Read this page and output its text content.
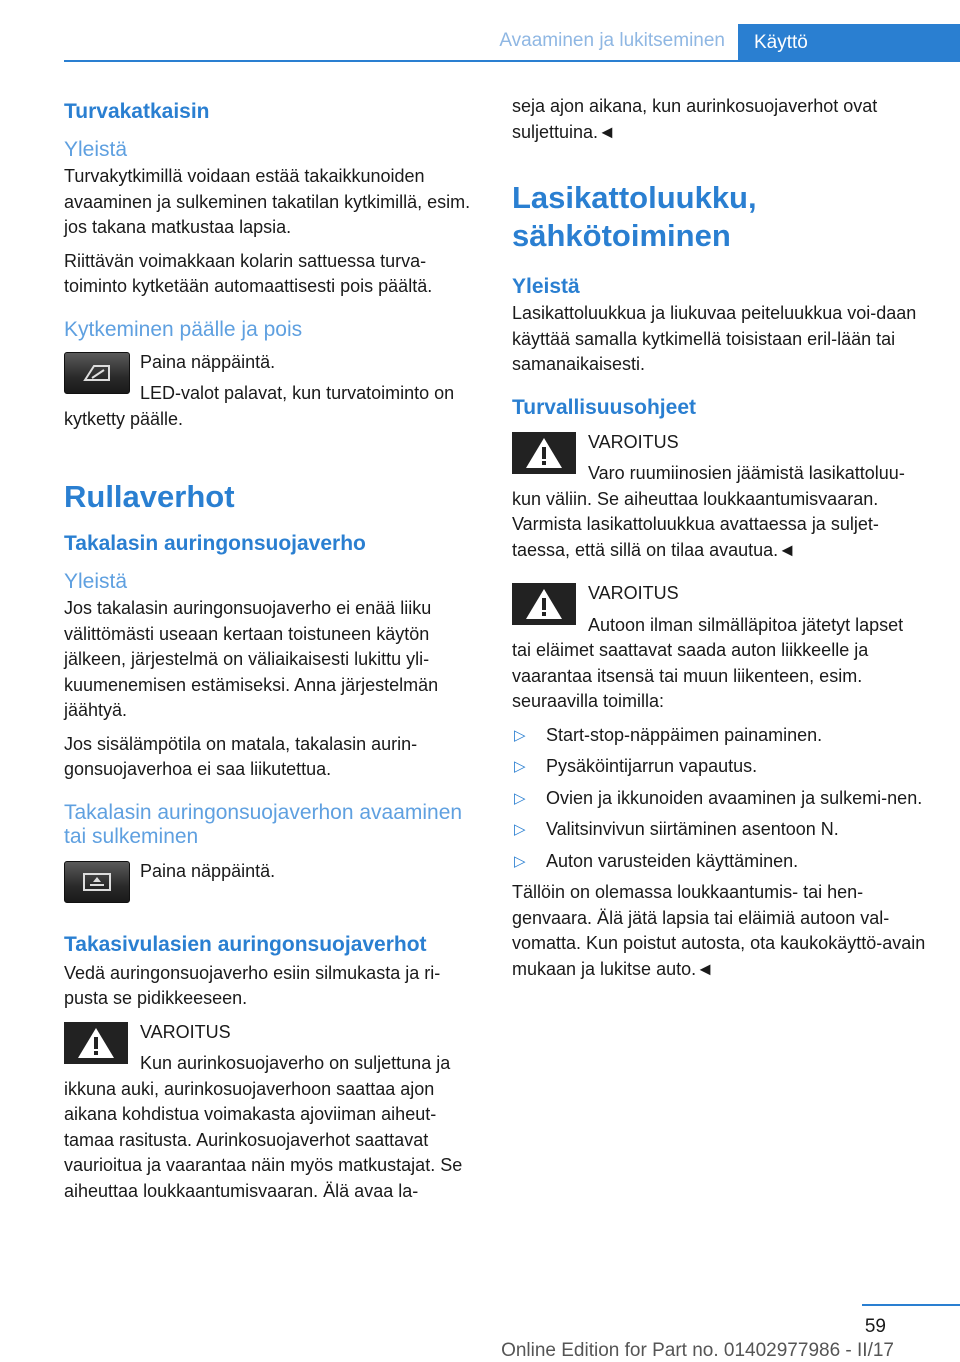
Avaaminen ja lukitseminen	Käyttö
Turvakatkaisin
Yleistä

Turvakytkimillä voidaan estää takaikkunoiden avaaminen ja sulkeminen takatilan kytkimillä, esim. jos takana matkustaa lapsia.

Riittävän voimakkaan kolarin sattuessa turva-toiminto kytketään automaattisesti pois päältä.

Kytkeminen päälle ja pois

Paina näppäintä.

LED-valot palavat, kun turvatoiminto on kytketty päälle.

Rullaverhot
Takalasin auringonsuojaverho
Yleistä

Jos takalasin auringonsuojaverho ei enää liiku välittömästi useaan kertaan toistuneen käytön jälkeen, järjestelmä on väliaikaisesti lukittu yli-kuumenemisen estämiseksi. Anna järjestelmän jäähtyä.

Jos sisälämpötila on matala, takalasin aurin-gonsuojaverhoa ei saa liikutettua.

Takalasin auringonsuojaverhon avaaminen tai sulkeminen

Paina näppäintä.

Takasivulasien auringonsuojaverhot

Vedä auringonsuojaverho esiin silmukasta ja ri-pusta se pidikkeeseen.

VAROITUS

Kun aurinkosuojaverho on suljettuna ja ikkuna auki, aurinkosuojaverhoon saattaa ajon aikana kohdistua voimakasta ajoviiman aiheut-tamaa rasitusta. Aurinkosuojaverhot saattavat vaurioitua ja vaarantaa näin myös matkustajat. Se aiheuttaa loukkaantumisvaaran. Älä avaa la-

seja ajon aikana, kun aurinkosuojaverhot ovat suljettuina.◄

Lasikattoluukku, sähkötoiminen
Yleistä

Lasikattoluukkua ja liukuvaa peiteluukkua voi-daan käyttää samalla kytkimellä toisistaan eril-lään tai samanaikaisesti.

Turvallisuusohjeet

VAROITUS

Varo ruumiinosien jäämistä lasikattoluu-kun väliin. Se aiheuttaa loukkaantumisvaaran. Varmista lasikattoluukkua avattaessa ja suljet-taessa, että sillä on tilaa avautua.◄

VAROITUS

Autoon ilman silmälläpitoa jätetyt lapset tai eläimet saattavat saada auton liikkeelle ja vaarantaa itsensä tai muun liikenteen, esim. seuraavilla toimilla:

▷ Start-stop-näppäimen painaminen.
▷ Pysäköintijarrun vapautus.
▷ Ovien ja ikkunoiden avaaminen ja sulkemi-nen.
▷ Valitsinvivun siirtäminen asentoon N.
▷ Auton varusteiden käyttäminen.

Tällöin on olemassa loukkaantumis- tai hen-genvaara. Älä jätä lapsia tai eläimiä autoon val-vomatta. Kun poistut autosta, ota kaukokäyttö-avain mukaan ja lukitse auto.◄

59
Online Edition for Part no. 01402977986 - II/17
